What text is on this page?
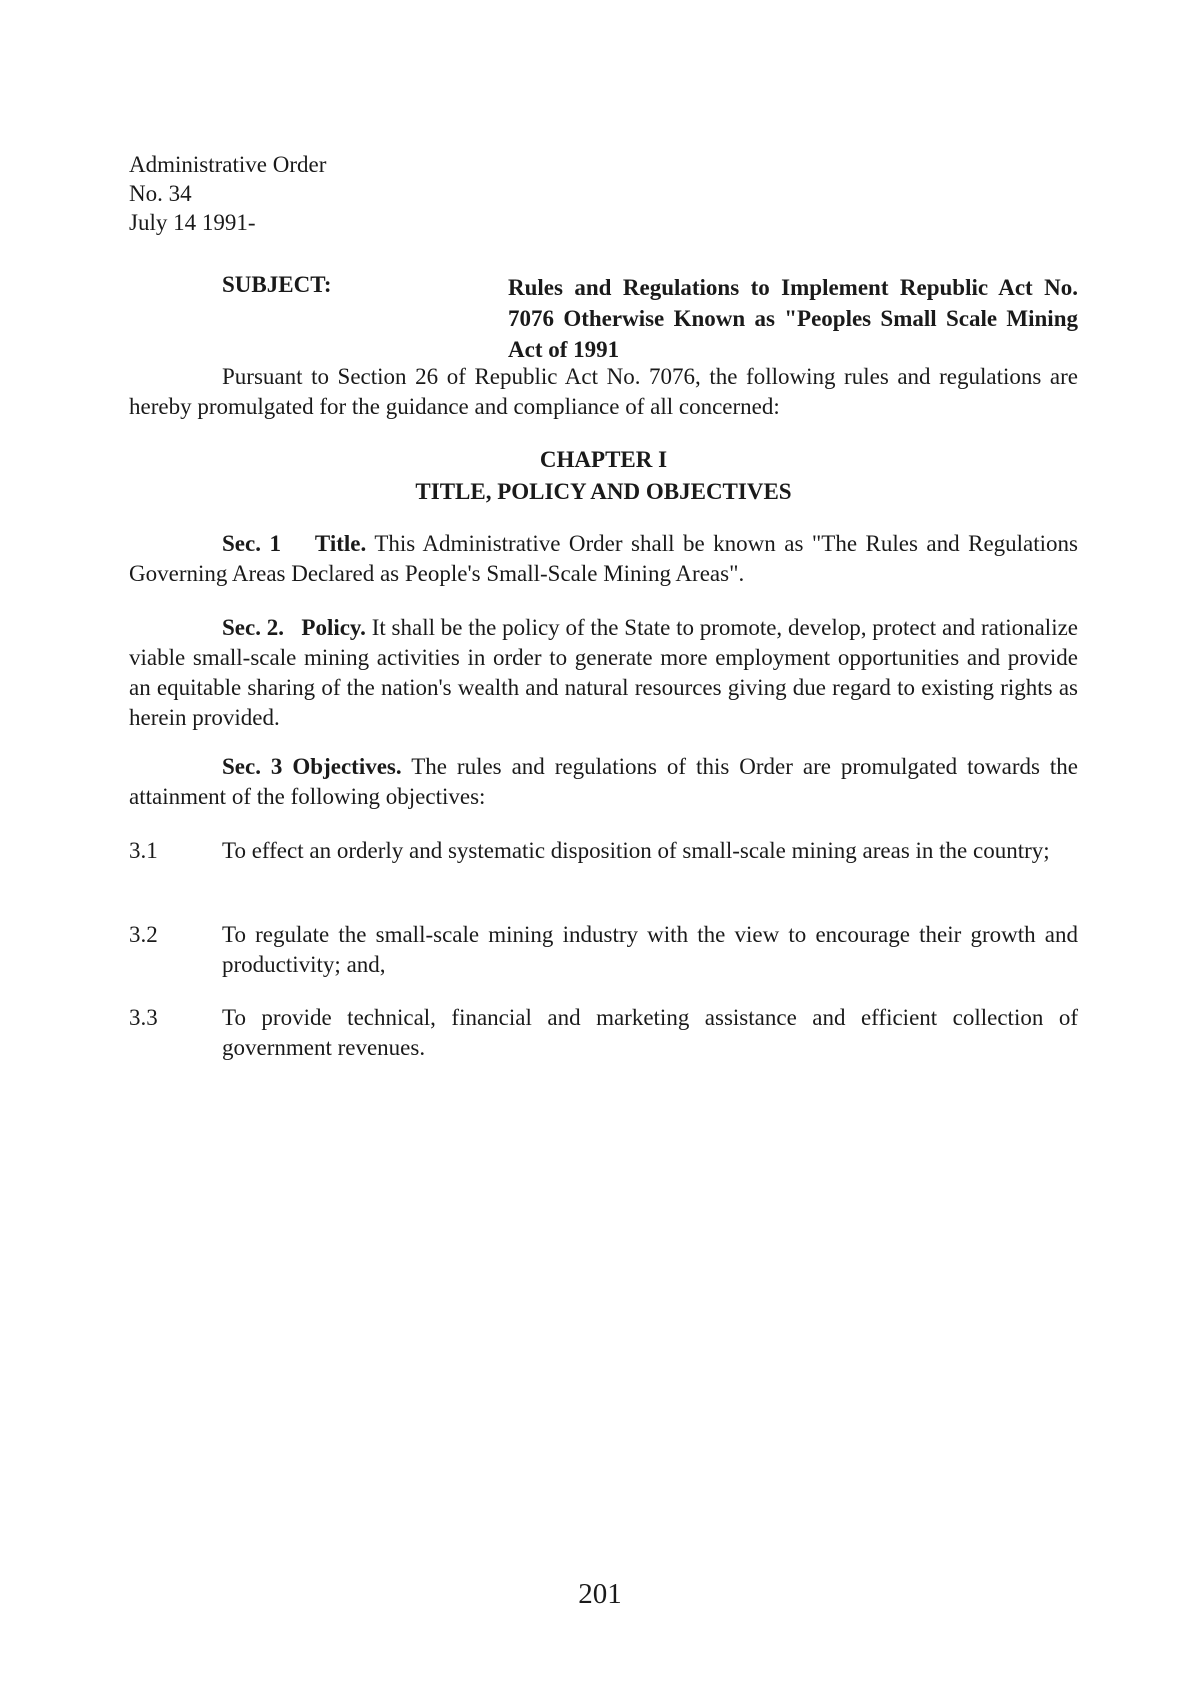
Administrative Order
No. 34
July 14 1991-
SUBJECT:	Rules and Regulations to Implement Republic Act No. 7076 Otherwise Known as "Peoples Small Scale Mining Act of 1991
Pursuant to Section 26 of Republic Act No. 7076, the following rules and regulations are hereby promulgated for the guidance and compliance of all concerned:
CHAPTER I
TITLE, POLICY AND OBJECTIVES
Sec. 1 Title. This Administrative Order shall be known as "The Rules and Regulations Governing Areas Declared as People's Small-Scale Mining Areas".
Sec. 2. Policy. It shall be the policy of the State to promote, develop, protect and rationalize viable small-scale mining activities in order to generate more employment opportunities and provide an equitable sharing of the nation's wealth and natural resources giving due regard to existing rights as herein provided.
Sec. 3 Objectives. The rules and regulations of this Order are promulgated towards the attainment of the following objectives:
3.1	To effect an orderly and systematic disposition of small-scale mining areas in the country;
3.2	To regulate the small-scale mining industry with the view to encourage their growth and productivity; and,
3.3	To provide technical, financial and marketing assistance and efficient collection of government revenues.
201
